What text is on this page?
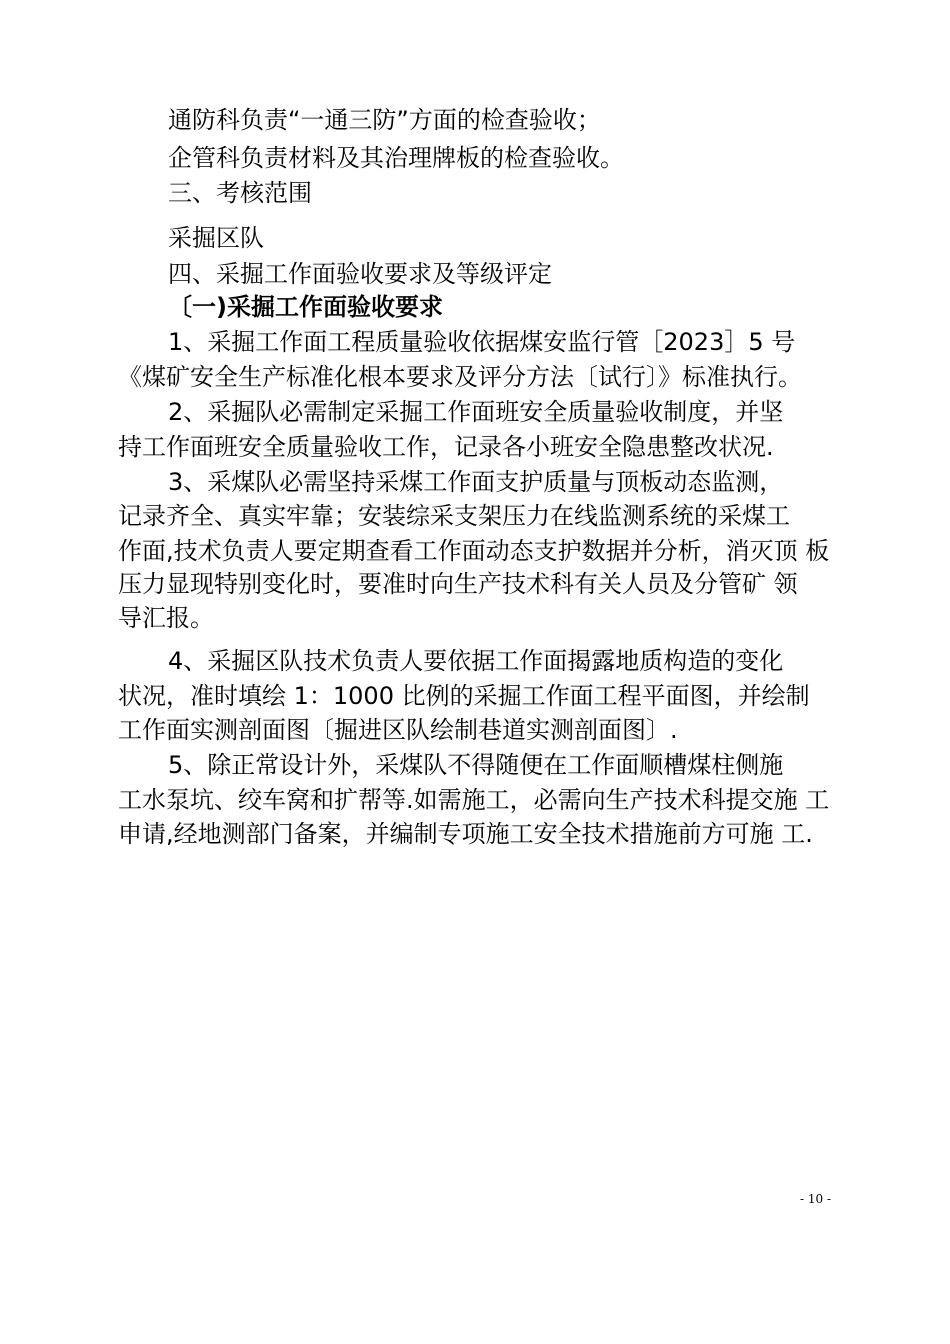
通防科负责“一通三防”方面的检查验收；
企管科负责材料及其治理牌板的检查验收。
三、考核范围
采掘区队
四、采掘工作面验收要求及等级评定
〔一)采掘工作面验收要求
1、采掘工作面工程质量验收依据煤安监行管［2023］5 号
《煤矿安全生产标准化根本要求及评分方法〔试行〕》标准执行。
2、采掘队必需制定采掘工作面班安全质量验收制度，并坚
持工作面班安全质量验收工作，记录各小班安全隐患整改状况.
3、采煤队必需坚持采煤工作面支护质量与顶板动态监测，
记录齐全、真实牢靠；安装综采支架压力在线监测系统的采煤工
作面,技术负责人要定期查看工作面动态支护数据并分析，消灭顶 板
压力显现特别变化时，要准时向生产技术科有关人员及分管矿 领
导汇报。
4、采掘区队技术负责人要依据工作面揭露地质构造的变化
状况，准时填绘 1：1000 比例的采掘工作面工程平面图，并绘制
工作面实测剖面图〔掘进区队绘制巷道实测剖面图〕.
5、除正常设计外，采煤队不得随便在工作面顺槽煤柱侧施
工水泵坑、绞车窝和扩帮等.如需施工，必需向生产技术科提交施 工
申请,经地测部门备案，并编制专项施工安全技术措施前方可施 工.
- 10 -
